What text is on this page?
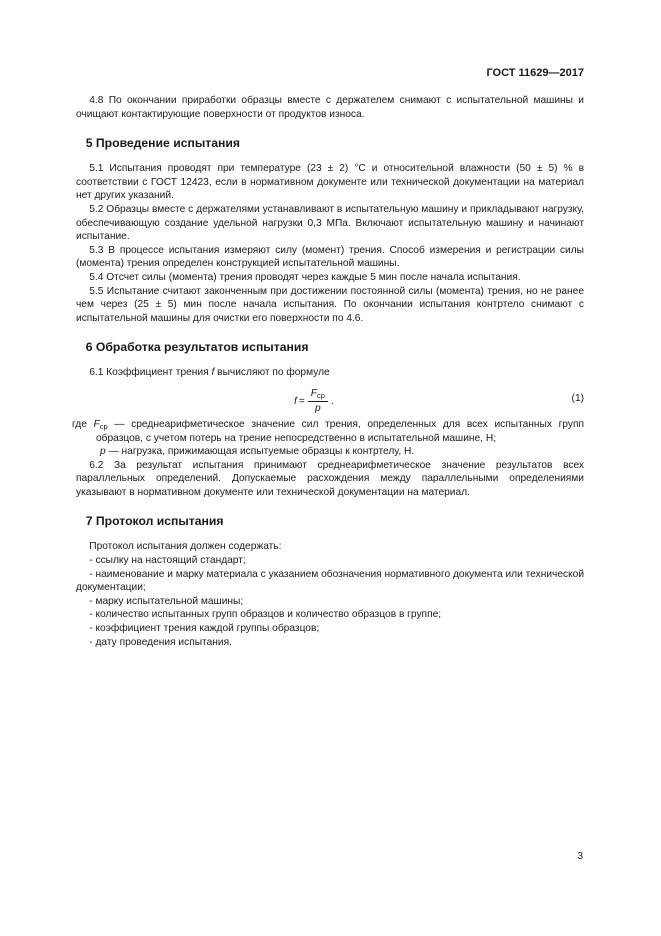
ГОСТ 11629—2017

4.8 По окончании приработки образцы вместе с держателем снимают с испытательной машины и очищают контактирующие поверхности от продуктов износа.

5 Проведение испытания

5.1 Испытания проводят при температуре (23 ± 2) °С и относительной влажности (50 ± 5) % в соответствии с ГОСТ 12423, если в нормативном документе или технической документации на материал нет других указаний.

5.2 Образцы вместе с держателями устанавливают в испытательную машину и прикладывают нагрузку, обеспечивающую создание удельной нагрузки 0,3 МПа. Включают испытательную машину и начинают испытание.

5.3 В процессе испытания измеряют силу (момент) трения. Способ измерения и регистрации силы (момента) трения определен конструкцией испытательной машины.

5.4 Отсчет силы (момента) трения проводят через каждые 5 мин после начала испытания.

5.5 Испытание считают законченным при достижении постоянной силы (момента) трения, но не ранее чем через (25 ± 5) мин после начала испытания. По окончании испытания контртело снимают с испытательной машины для очистки его поверхности по 4.6.

6 Обработка результатов испытания

6.1 Коэффициент трения f вычисляют по формуле

$f = \frac{F_{ср}}{p}$ .	(1)

где $F_{ср}$ — среднеарифметическое значение сил трения, определенных для всех испытанных групп образцов, с учетом потерь на трение непосредственно в испытательной машине, Н;

p — нагрузка, прижимающая испытуемые образцы к контртелу, Н.

6.2 За результат испытания принимают среднеарифметическое значение результатов всех параллельных определений. Допускаемые расхождения между параллельными определениями указывают в нормативном документе или технической документации на материал.

7 Протокол испытания

Протокол испытания должен содержать:

- ссылку на настоящий стандарт;

- наименование и марку материала с указанием обозначения нормативного документа или технической документации;

- марку испытательной машины;

- количество испытанных групп образцов и количество образцов в группе;

- коэффициент трения каждой группы образцов;

- дату проведения испытания.

3
